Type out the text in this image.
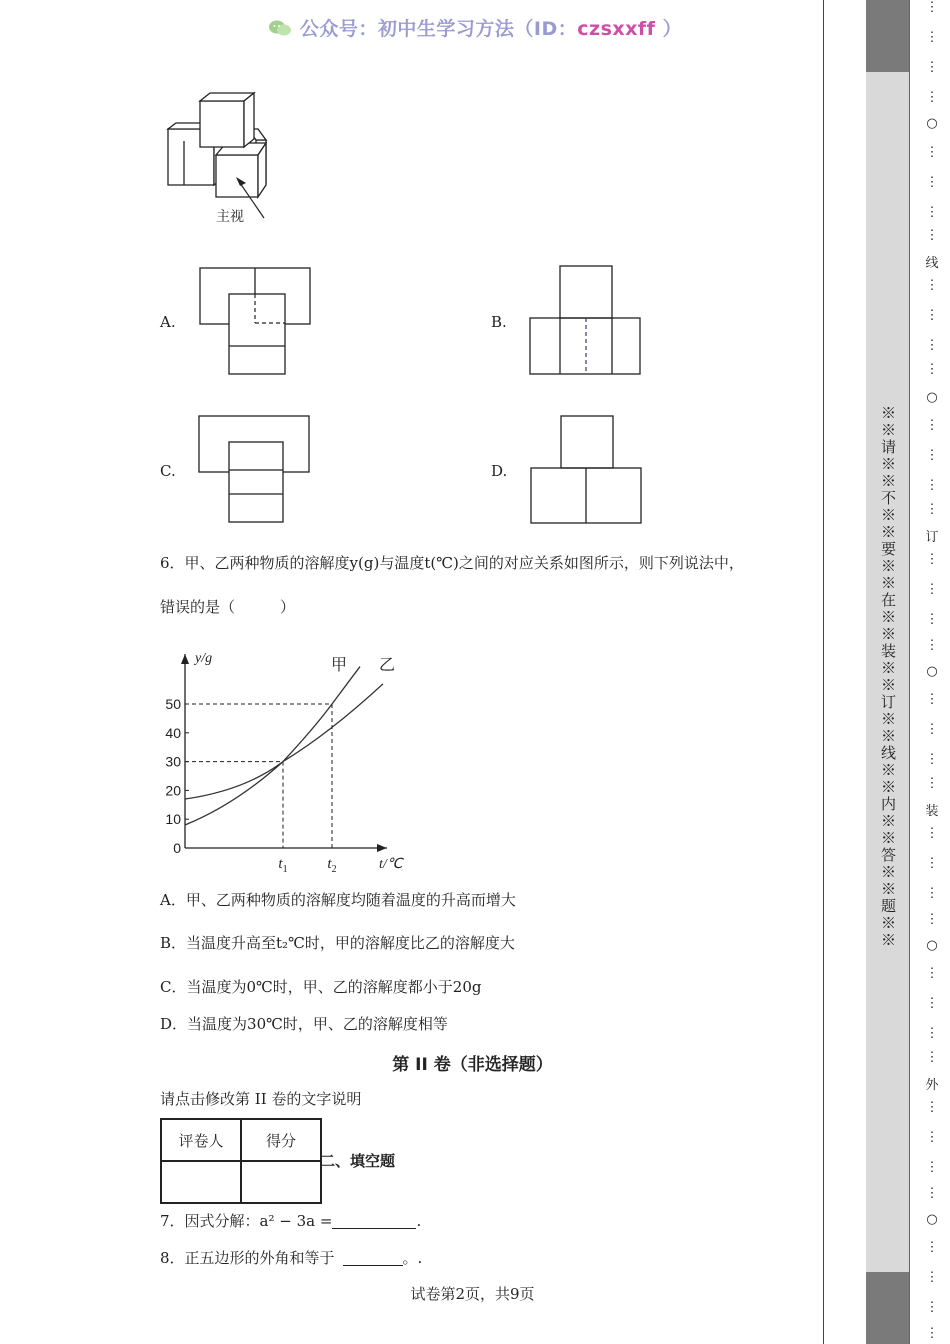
公众号：初中生学习方法（ID：czsxxff ）
主视
A.	B.
C.	D.
6．甲、乙两种物质的溶解度y(g)与温度t(℃)之间的对应关系如图所示，则下列说法中，
错误的是（　　　）
0
10
20
30
40
50
$t_1$	$t_2$
y/g
t/℃
甲 乙
A．甲、乙两种物质的溶解度均随着温度的升高而增大
B．当温度升高至t₂℃时，甲的溶解度比乙的溶解度大
C．当温度为0℃时，甲、乙的溶解度都小于20g
D．当温度为30℃时，甲、乙的溶解度相等
第 II 卷（非选择题）
请点击修改第 II 卷的文字说明
评卷人	得分

二、填空题
7．因式分解：a² − 3a =	.
8．正五边形的外角和等于	。.
试卷第2页，共9页
※※请※※不※※要※※在※※装※※订※※线※※内※※答※※题※※
⋮
⋮
⋮
⋮
○
⋮
⋮
⋮
⋮
线
⋮
⋮
⋮
⋮
○
⋮
⋮
⋮
⋮
订
⋮
⋮
⋮
⋮
○
⋮
⋮
⋮
⋮
装
⋮
⋮
⋮
⋮
○
⋮
⋮
⋮
⋮
外
⋮
⋮
⋮
⋮
○
⋮
⋮
⋮
⋮
